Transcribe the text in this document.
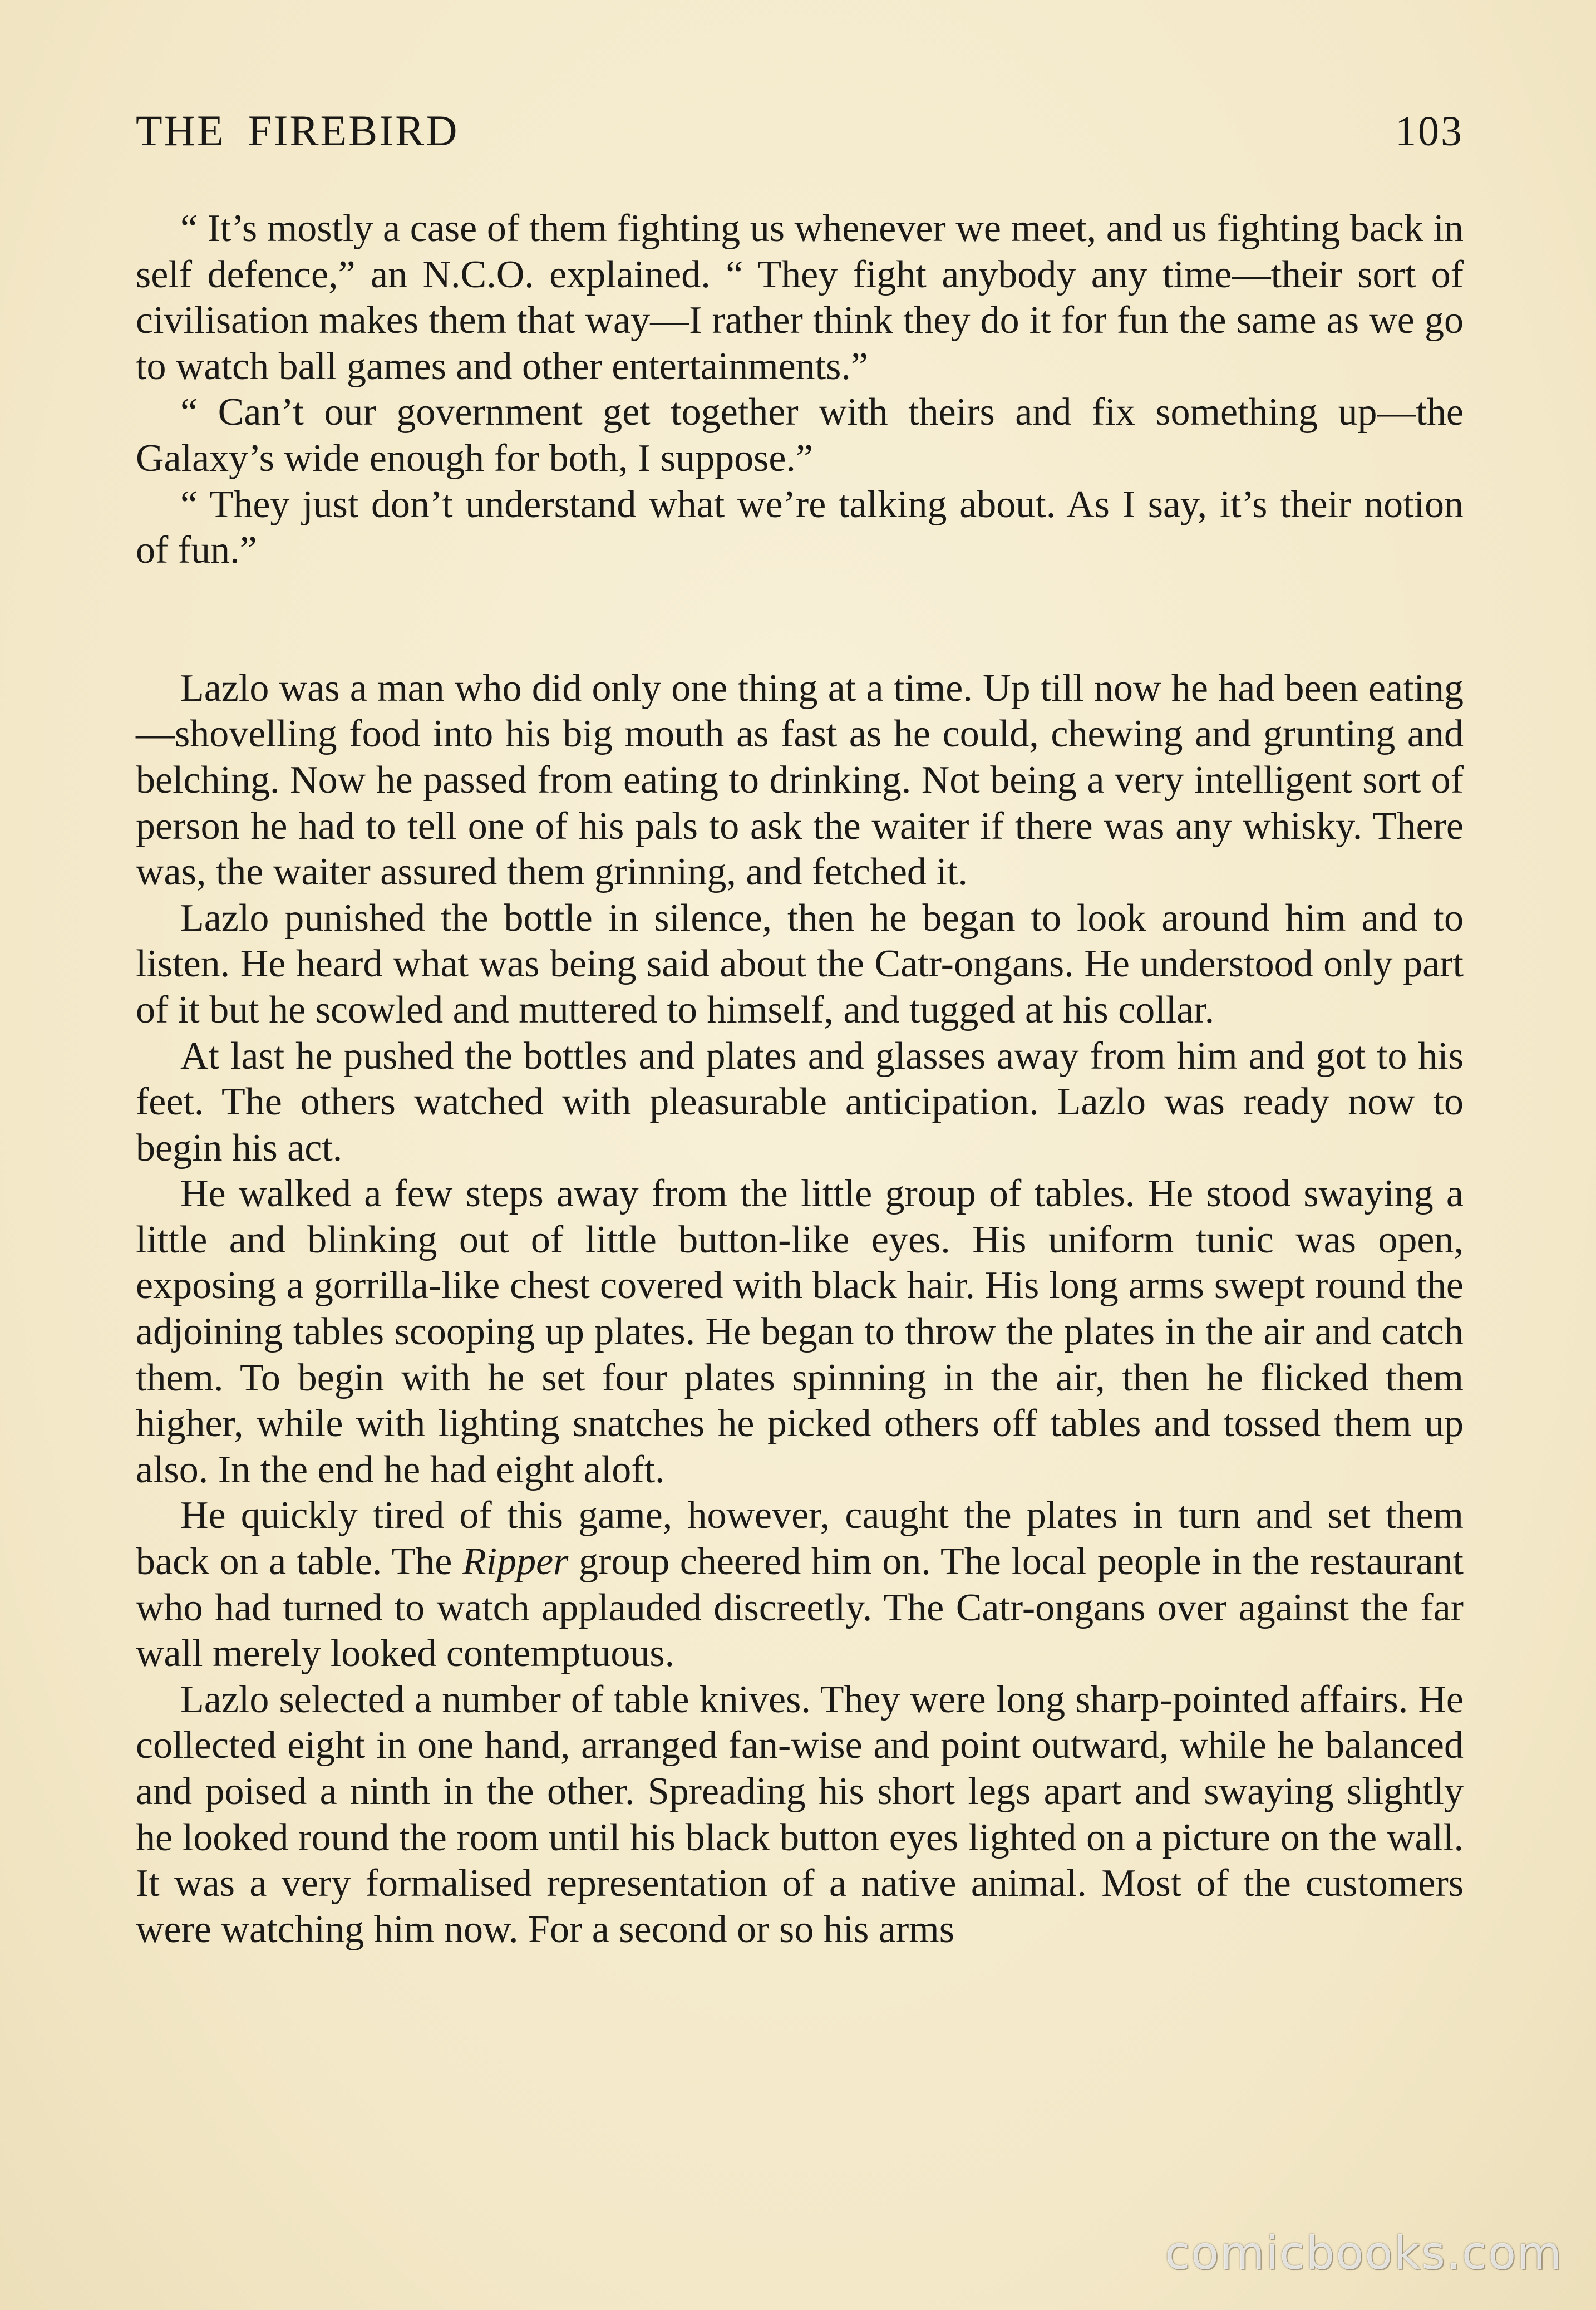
THE FIREBIRD	103

“ It’s mostly a case of them fighting us whenever we meet, and us fighting back in self defence,” an N.C.O. explained. “ They fight anybody any time—their sort of civilisation makes them that way—I rather think they do it for fun the same as we go to watch ball games and other entertainments.”

“ Can’t our government get together with theirs and fix something up—the Galaxy’s wide enough for both, I suppose.”

“ They just don’t understand what we’re talking about. As I say, it’s their notion of fun.”

Lazlo was a man who did only one thing at a time. Up till now he had been eating—shovelling food into his big mouth as fast as he could, chewing and grunting and belching. Now he passed from eating to drinking. Not being a very intelligent sort of person he had to tell one of his pals to ask the waiter if there was any whisky. There was, the waiter assured them grinning, and fetched it.

Lazlo punished the bottle in silence, then he began to look around him and to listen. He heard what was being said about the Catr-ongans. He understood only part of it but he scowled and muttered to himself, and tugged at his collar.

At last he pushed the bottles and plates and glasses away from him and got to his feet. The others watched with pleasurable anticipation. Lazlo was ready now to begin his act.

He walked a few steps away from the little group of tables. He stood swaying a little and blinking out of little button-like eyes. His uniform tunic was open, exposing a gorrilla-like chest covered with black hair. His long arms swept round the adjoining tables scooping up plates. He began to throw the plates in the air and catch them. To begin with he set four plates spinning in the air, then he flicked them higher, while with lighting snatches he picked others off tables and tossed them up also. In the end he had eight aloft.

He quickly tired of this game, however, caught the plates in turn and set them back on a table. The Ripper group cheered him on. The local people in the restaurant who had turned to watch applauded discreetly. The Catr-ongans over against the far wall merely looked contemptuous.

Lazlo selected a number of table knives. They were long sharp-pointed affairs. He collected eight in one hand, arranged fan-wise and point outward, while he balanced and poised a ninth in the other. Spreading his short legs apart and swaying slightly he looked round the room until his black button eyes lighted on a picture on the wall. It was a very formalised representation of a native animal. Most of the customers were watching him now. For a second or so his arms

comicbooks.com
